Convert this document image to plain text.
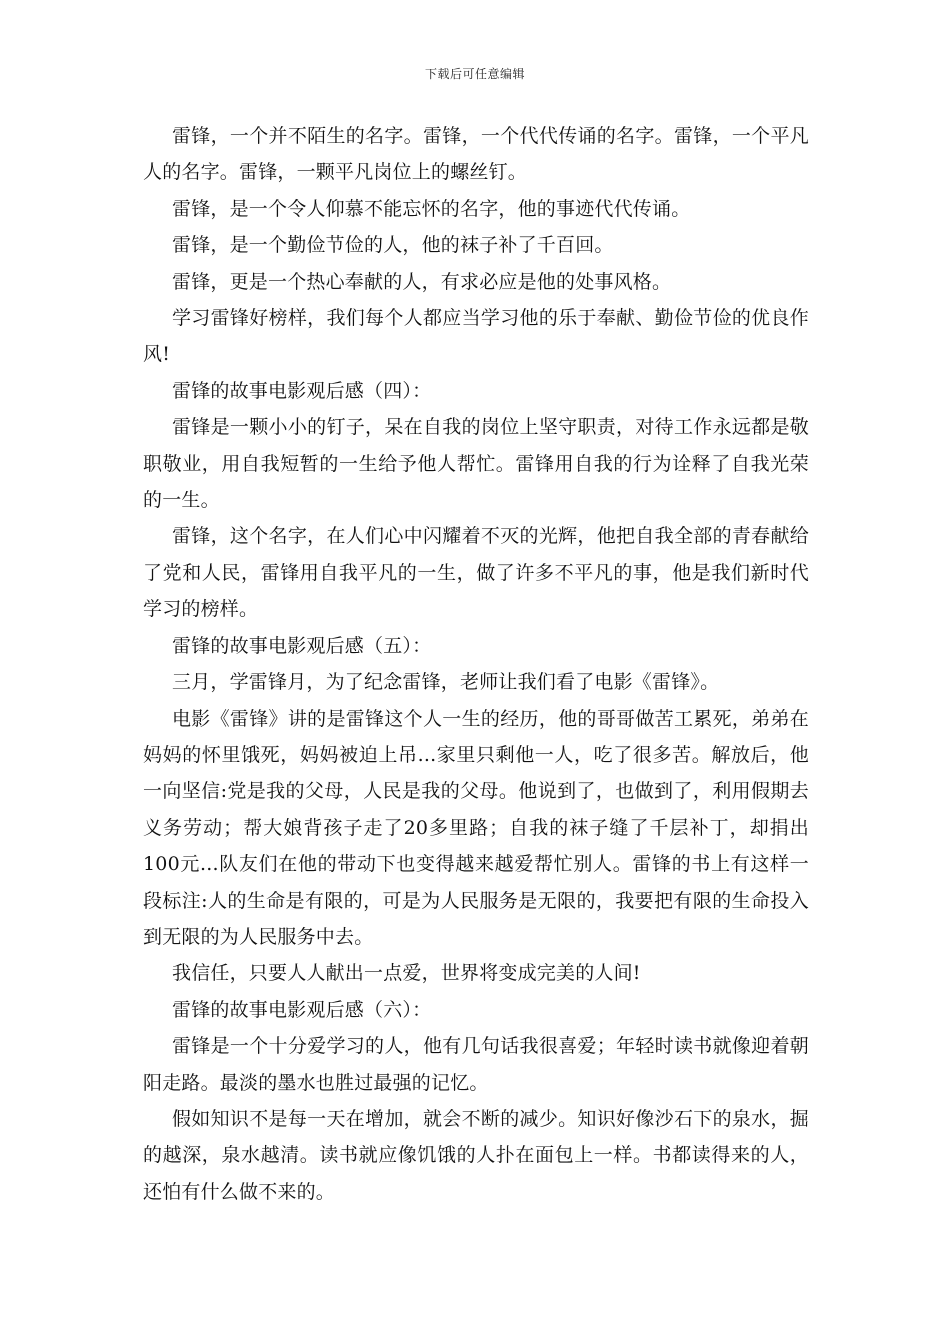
下载后可任意编辑

雷锋，一个并不陌生的名字。雷锋，一个代代传诵的名字。雷锋，一个平凡人的名字。雷锋，一颗平凡岗位上的螺丝钉。

雷锋，是一个令人仰慕不能忘怀的名字，他的事迹代代传诵。

雷锋，是一个勤俭节俭的人，他的袜子补了千百回。

雷锋，更是一个热心奉献的人，有求必应是他的处事风格。

学习雷锋好榜样，我们每个人都应当学习他的乐于奉献、勤俭节俭的优良作风!

雷锋的故事电影观后感（四）：

雷锋是一颗小小的钉子，呆在自我的岗位上坚守职责，对待工作永远都是敬职敬业，用自我短暂的一生给予他人帮忙。雷锋用自我的行为诠释了自我光荣的一生。

雷锋，这个名字，在人们心中闪耀着不灭的光辉，他把自我全部的青春献给了党和人民，雷锋用自我平凡的一生，做了许多不平凡的事，他是我们新时代学习的榜样。

雷锋的故事电影观后感（五）：

三月，学雷锋月，为了纪念雷锋，老师让我们看了电影《雷锋》。

电影《雷锋》讲的是雷锋这个人一生的经历，他的哥哥做苦工累死，弟弟在妈妈的怀里饿死，妈妈被迫上吊...家里只剩他一人，吃了很多苦。解放后，他一向坚信:党是我的父母，人民是我的父母。他说到了，也做到了，利用假期去义务劳动；帮大娘背孩子走了20多里路；自我的袜子缝了千层补丁，却捐出100元...队友们在他的带动下也变得越来越爱帮忙别人。雷锋的书上有这样一段标注:人的生命是有限的，可是为人民服务是无限的，我要把有限的生命投入到无限的为人民服务中去。

我信任，只要人人献出一点爱，世界将变成完美的人间!

雷锋的故事电影观后感（六）：

雷锋是一个十分爱学习的人，他有几句话我很喜爱；年轻时读书就像迎着朝阳走路。最淡的墨水也胜过最强的记忆。

假如知识不是每一天在增加，就会不断的减少。知识好像沙石下的泉水，掘的越深，泉水越清。读书就应像饥饿的人扑在面包上一样。书都读得来的人，还怕有什么做不来的。
